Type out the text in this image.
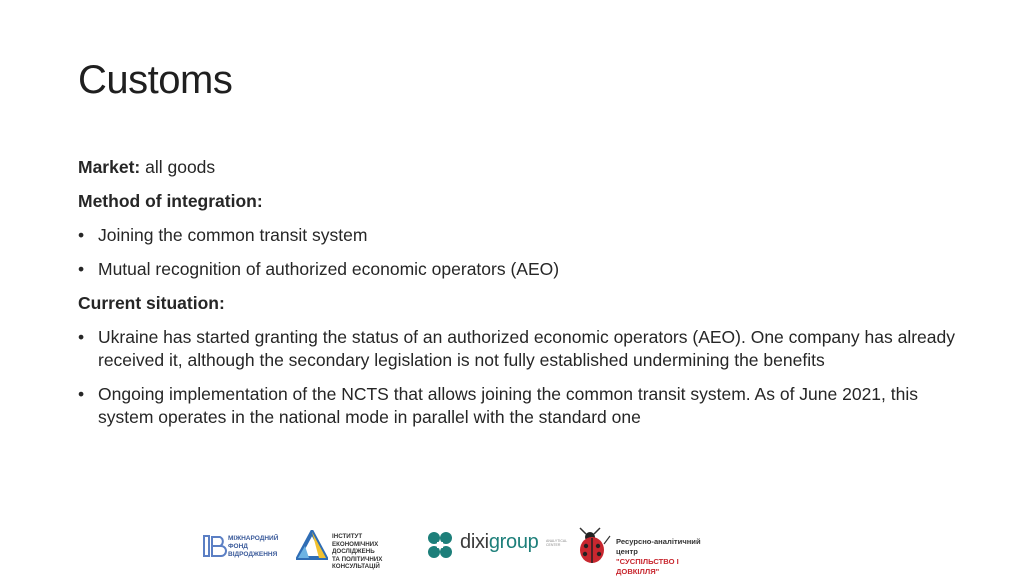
Customs

Market: all goods

Method of integration:

• Joining the common transit system
• Mutual recognition of authorized economic operators (AEO)

Current situation:

• Ukraine has started granting the status of an authorized economic operators (AEO). One company has already received it, although the secondary legislation is not fully established undermining the benefits
• Ongoing implementation of the NCTS that allows joining the common transit system. As of June 2021, this system operates in the national mode in parallel with the standard one
МІЖНАРОДНИЙ
ФОНД
ВІДРОДЖЕННЯ
ІНСТИТУТ
ЕКОНОМІЧНИХ ДОСЛІДЖЕНЬ
ТА ПОЛІТИЧНИХ КОНСУЛЬТАЦІЙ
dixigroup ANALYTICAL CENTER	Ресурсно-аналітичний центр
"СУСПІЛЬСТВО І ДОВКІЛЛЯ"
